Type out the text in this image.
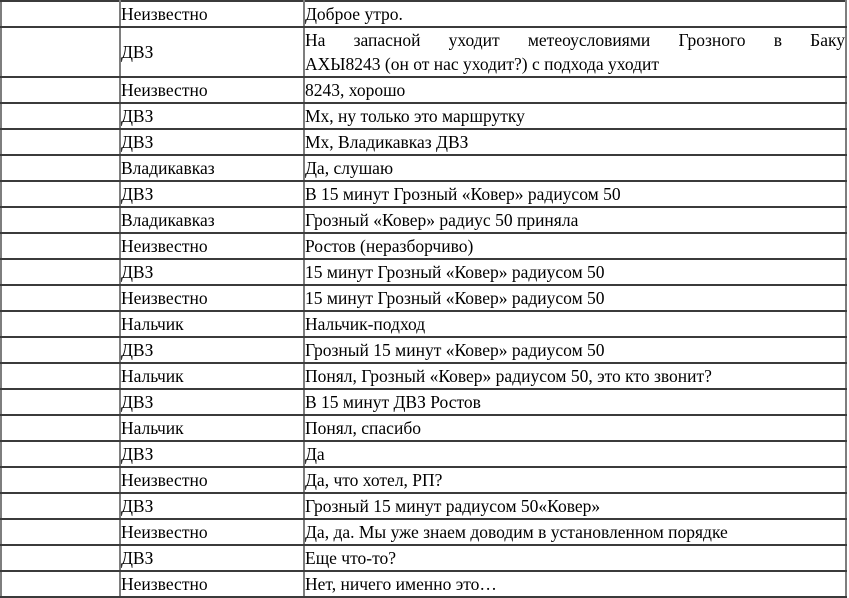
	Неизвестно	Доброе утро.
	ДВЗ	На запасной уходит метеоусловиями Грозного в Баку
АХЫ8243 (он от нас уходит?) с подхода уходит

	Неизвестно	8243, хорошо
	ДВЗ	Мх, ну только это маршрутку
	ДВЗ	Мх, Владикавказ ДВЗ
	Владикавказ	Да, слушаю
	ДВЗ	В 15 минут Грозный «Ковер» радиусом 50
	Владикавказ	Грозный «Ковер» радиус 50 приняла
	Неизвестно	Ростов (неразборчиво)
	ДВЗ	15 минут Грозный «Ковер» радиусом 50
	Неизвестно	15 минут Грозный «Ковер» радиусом 50
	Нальчик	Нальчик-подход
	ДВЗ	Грозный 15 минут «Ковер» радиусом 50
	Нальчик	Понял, Грозный «Ковер» радиусом 50, это кто звонит?
	ДВЗ	В 15 минут ДВЗ Ростов
	Нальчик	Понял, спасибо
	ДВЗ	Да
	Неизвестно	Да, что хотел, РП?
	ДВЗ	Грозный 15 минут радиусом 50«Ковер»
	Неизвестно	Да, да. Мы уже знаем доводим в установленном порядке
	ДВЗ	Еще что-то?
	Неизвестно	Нет, ничего именно это…
